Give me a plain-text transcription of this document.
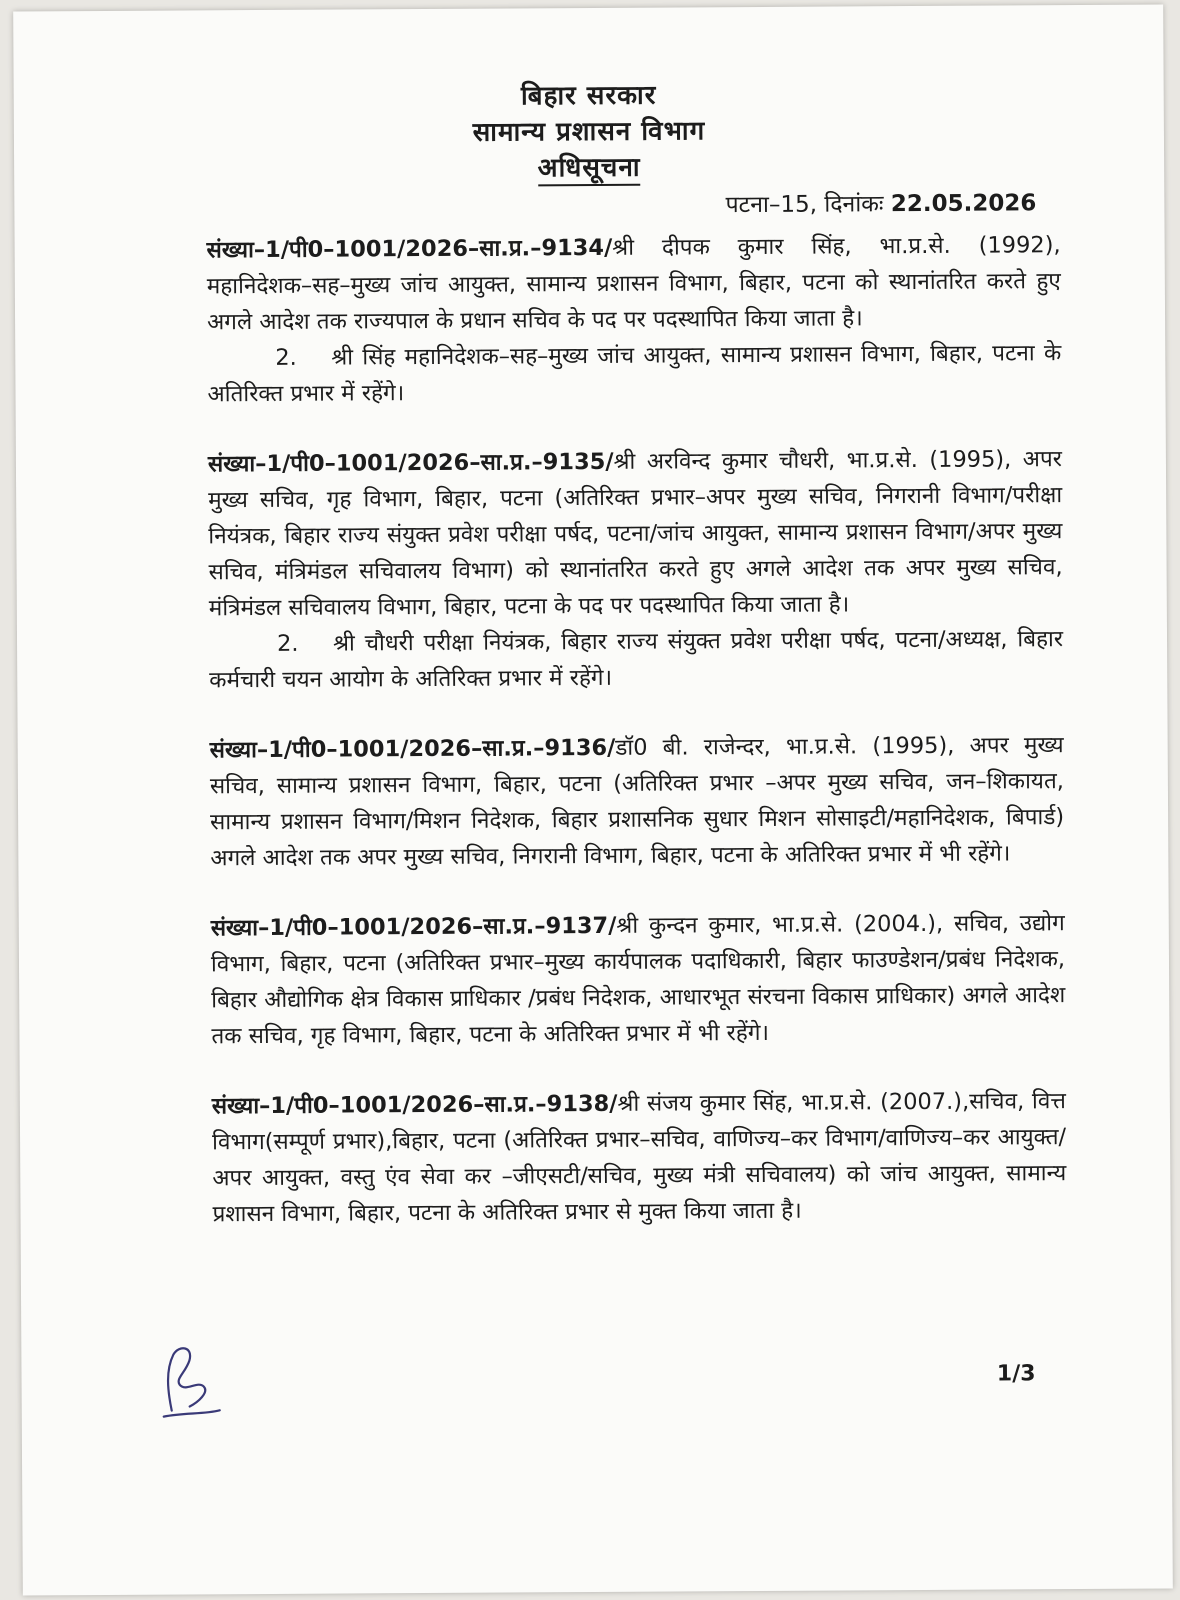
बिहार सरकार
सामान्य प्रशासन विभाग
अधिसूचना
पटना–15, दिनांकः 22.05.2026
संख्या–1/पी0–1001/2026–सा.प्र.–9134/श्री दीपक कुमार सिंह, भा.प्र.से. (1992), महानिदेशक–सह–मुख्य जांच आयुक्त, सामान्य प्रशासन विभाग, बिहार, पटना को स्थानांतरित करते हुए अगले आदेश तक राज्यपाल के प्रधान सचिव के पद पर पदस्थापित किया जाता है।
2. श्री सिंह महानिदेशक–सह–मुख्य जांच आयुक्त, सामान्य प्रशासन विभाग, बिहार, पटना के अतिरिक्त प्रभार में रहेंगे।
संख्या–1/पी0–1001/2026–सा.प्र.–9135/श्री अरविन्द कुमार चौधरी, भा.प्र.से. (1995), अपर मुख्य सचिव, गृह विभाग, बिहार, पटना (अतिरिक्त प्रभार–अपर मुख्य सचिव, निगरानी विभाग/परीक्षा नियंत्रक, बिहार राज्य संयुक्त प्रवेश परीक्षा पर्षद, पटना/जांच आयुक्त, सामान्य प्रशासन विभाग/अपर मुख्य सचिव, मंत्रिमंडल सचिवालय विभाग) को स्थानांतरित करते हुए अगले आदेश तक अपर मुख्य सचिव, मंत्रिमंडल सचिवालय विभाग, बिहार, पटना के पद पर पदस्थापित किया जाता है।
2. श्री चौधरी परीक्षा नियंत्रक, बिहार राज्य संयुक्त प्रवेश परीक्षा पर्षद, पटना/अध्यक्ष, बिहार कर्मचारी चयन आयोग के अतिरिक्त प्रभार में रहेंगे।
संख्या–1/पी0–1001/2026–सा.प्र.–9136/डॉ0 बी. राजेन्दर, भा.प्र.से. (1995), अपर मुख्य सचिव, सामान्य प्रशासन विभाग, बिहार, पटना (अतिरिक्त प्रभार –अपर मुख्य सचिव, जन–शिकायत, सामान्य प्रशासन विभाग/मिशन निदेशक, बिहार प्रशासनिक सुधार मिशन सोसाइटी/महानिदेशक, बिपार्ड) अगले आदेश तक अपर मुख्य सचिव, निगरानी विभाग, बिहार, पटना के अतिरिक्त प्रभार में भी रहेंगे।
संख्या–1/पी0–1001/2026–सा.प्र.–9137/श्री कुन्दन कुमार, भा.प्र.से. (2004.), सचिव, उद्योग विभाग, बिहार, पटना (अतिरिक्त प्रभार–मुख्य कार्यपालक पदाधिकारी, बिहार फाउण्डेशन/प्रबंध निदेशक, बिहार औद्योगिक क्षेत्र विकास प्राधिकार /प्रबंध निदेशक, आधारभूत संरचना विकास प्राधिकार) अगले आदेश तक सचिव, गृह विभाग, बिहार, पटना के अतिरिक्त प्रभार में भी रहेंगे।
संख्या–1/पी0–1001/2026–सा.प्र.–9138/श्री संजय कुमार सिंह, भा.प्र.से. (2007.),सचिव, वित्त विभाग(सम्पूर्ण प्रभार),बिहार, पटना (अतिरिक्त प्रभार–सचिव, वाणिज्य–कर विभाग/वाणिज्य–कर आयुक्त/अपर आयुक्त, वस्तु एंव सेवा कर –जीएसटी/सचिव, मुख्य मंत्री सचिवालय) को जांच आयुक्त, सामान्य प्रशासन विभाग, बिहार, पटना के अतिरिक्त प्रभार से मुक्त किया जाता है।
1/3
